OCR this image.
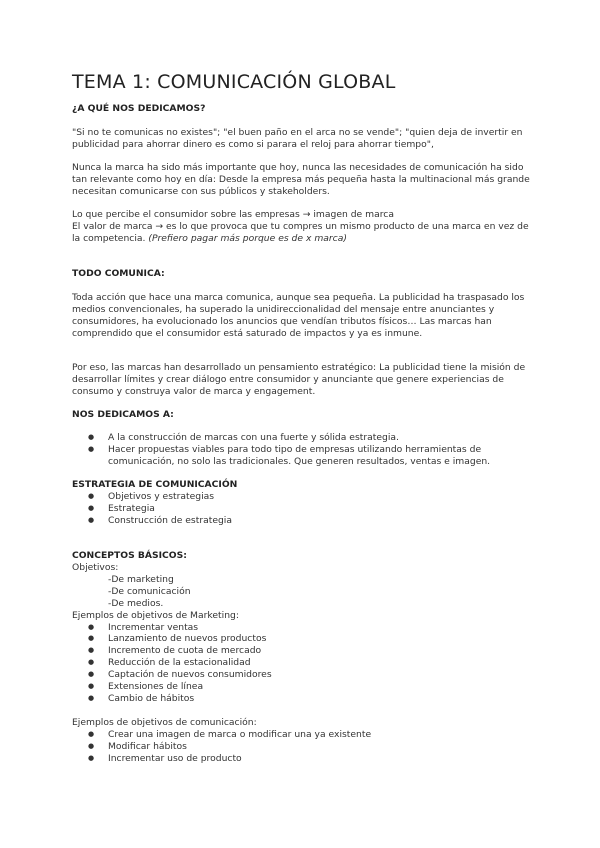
TEMA 1: COMUNICACIÓN GLOBAL

¿A QUÉ NOS DEDICAMOS?

"Si no te comunicas no existes"; "el buen paño en el arca no se vende"; "quien deja de invertir en publicidad para ahorrar dinero es como si parara el reloj para ahorrar tiempo",

Nunca la marca ha sido más importante que hoy, nunca las necesidades de comunicación ha sido tan relevante como hoy en día: Desde la empresa más pequeña hasta la multinacional más grande necesitan comunicarse con sus públicos y stakeholders.

Lo que percibe el consumidor sobre las empresas → imagen de marca

El valor de marca → es lo que provoca que tu compres un mismo producto de una marca en vez de la competencia. (Prefiero pagar más porque es de x marca)

TODO COMUNICA:

Toda acción que hace una marca comunica, aunque sea pequeña. La publicidad ha traspasado los medios convencionales, ha superado la unidireccionalidad del mensaje entre anunciantes y consumidores, ha evolucionado los anuncios que vendían tributos físicos… Las marcas han comprendido que el consumidor está saturado de impactos y ya es inmune.

Por eso, las marcas han desarrollado un pensamiento estratégico: La publicidad tiene la misión de desarrollar límites y crear diálogo entre consumidor y anunciante que genere experiencias de consumo y construya valor de marca y engagement.

NOS DEDICAMOS A:

● A la construcción de marcas con una fuerte y sólida estrategia.
● Hacer propuestas viables para todo tipo de empresas utilizando herramientas de comunicación, no solo las tradicionales. Que generen resultados, ventas e imagen.

ESTRATEGIA DE COMUNICACIÓN

● Objetivos y estrategias
● Estrategia
● Construcción de estrategia

CONCEPTOS BÁSICOS:

Objetivos:

-De marketing

-De comunicación

-De medios.

Ejemplos de objetivos de Marketing:

● Incrementar ventas
● Lanzamiento de nuevos productos
● Incremento de cuota de mercado
● Reducción de la estacionalidad
● Captación de nuevos consumidores
● Extensiones de línea
● Cambio de hábitos

Ejemplos de objetivos de comunicación:

● Crear una imagen de marca o modificar una ya existente
● Modificar hábitos
● Incrementar uso de producto
